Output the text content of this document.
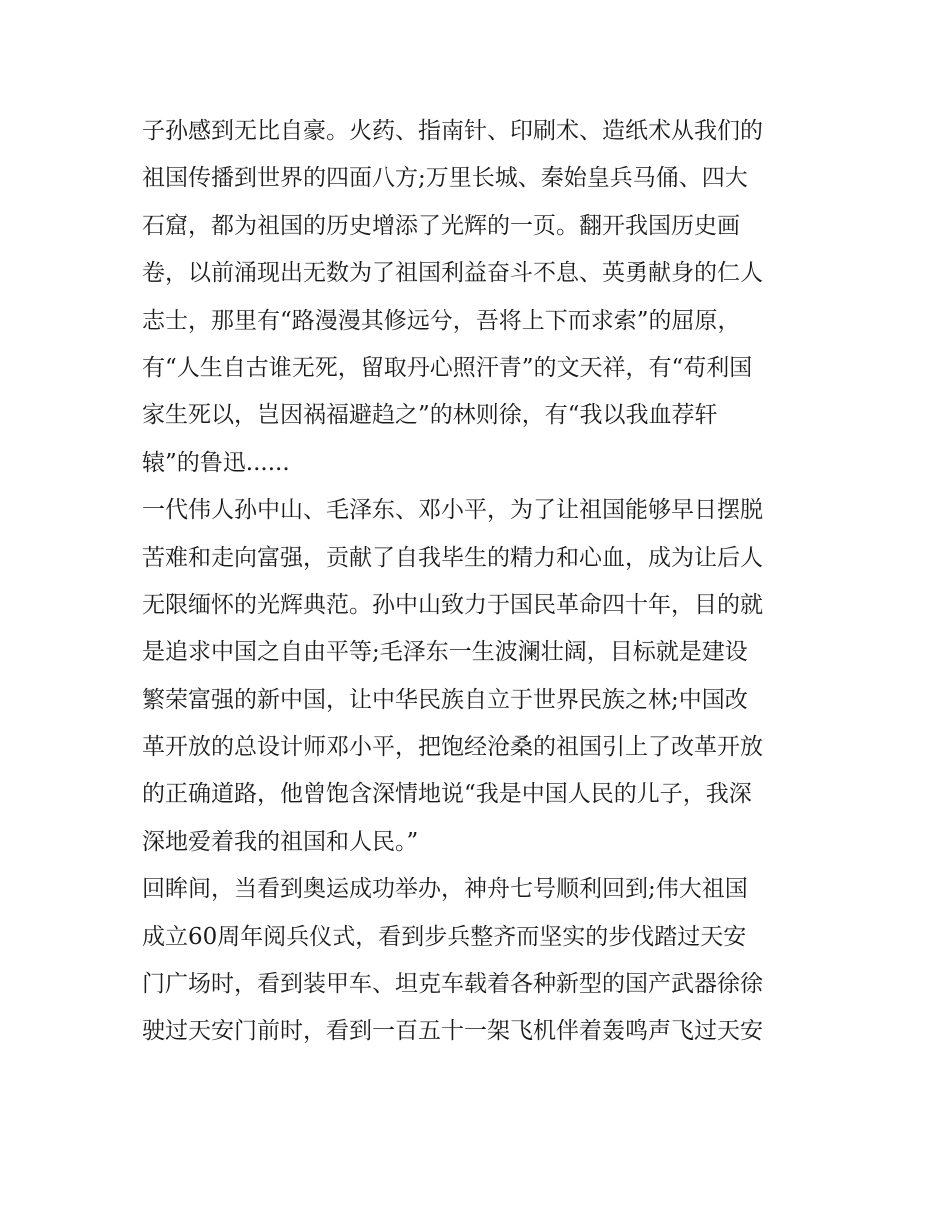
子孙感到无比自豪。火药、指南针、印刷术、造纸术从我们的
祖国传播到世界的四面八方;万里长城、秦始皇兵马俑、四大
石窟，都为祖国的历史增添了光辉的一页。翻开我国历史画
卷，以前涌现出无数为了祖国利益奋斗不息、英勇献身的仁人
志士，那里有“路漫漫其修远兮，吾将上下而求索”的屈原，
有“人生自古谁无死，留取丹心照汗青”的文天祥，有“苟利国
家生死以，岂因祸福避趋之”的林则徐，有“我以我血荐轩
辕”的鲁迅......
一代伟人孙中山、毛泽东、邓小平，为了让祖国能够早日摆脱
苦难和走向富强，贡献了自我毕生的精力和心血，成为让后人
无限缅怀的光辉典范。孙中山致力于国民革命四十年，目的就
是追求中国之自由平等;毛泽东一生波澜壮阔，目标就是建设
繁荣富强的新中国，让中华民族自立于世界民族之林;中国改
革开放的总设计师邓小平，把饱经沧桑的祖国引上了改革开放
的正确道路，他曾饱含深情地说“我是中国人民的儿子，我深
深地爱着我的祖国和人民。”
回眸间，当看到奥运成功举办，神舟七号顺利回到;伟大祖国
成立60周年阅兵仪式，看到步兵整齐而坚实的步伐踏过天安
门广场时，看到装甲车、坦克车载着各种新型的国产武器徐徐
驶过天安门前时，看到一百五十一架飞机伴着轰鸣声飞过天安
